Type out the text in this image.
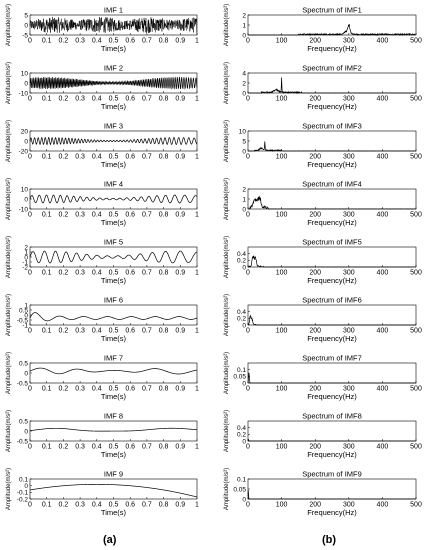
IMF 1
0 0.1 0.2 0.3 0.4 0.5 0.6 0.7 0.8 0.9 1
-5
0
5
Time(s)
Amplitude(m/s²)
IMF 2
0 0.1 0.2 0.3 0.4 0.5 0.6 0.7 0.8 0.9 1
-10
0
10
Time(s)
Amplitude(m/s²)
IMF 3
0 0.1 0.2 0.3 0.4 0.5 0.6 0.7 0.8 0.9 1
-20
0
20
Time(s)
Amplitude(m/s²)
IMF 4
0 0.1 0.2 0.3 0.4 0.5 0.6 0.7 0.8 0.9 1
-10
0
10
Time(s)
Amplitude(m/s²)
IMF 5
0 0.1 0.2 0.3 0.4 0.5 0.6 0.7 0.8 0.9 1
-2
-1
0
1
2
Time(s)
Amplitude(m/s²)
IMF 6
0 0.1 0.2 0.3 0.4 0.5 0.6 0.7 0.8 0.9 1
-1
-0.5
0
0.5
1
Time(s)
Amplitude(m/s²)
IMF 7
0 0.1 0.2 0.3 0.4 0.5 0.6 0.7 0.8 0.9 1
-0.5
0
0.5
Time(s)
Amplitude(m/s²)
IMF 8
0 0.1 0.2 0.3 0.4 0.5 0.6 0.7 0.8 0.9 1
-0.5
0
0.5
Time(s)
Amplitude(m/s²)
IMF 9
0 0.1 0.2 0.3 0.4 0.5 0.6 0.7 0.8 0.9 1
-0.2
-0.1
0
0.1
Time(s)
Amplitude(m/s²)
Spectrum of IMF1
0	100	200	300	400	500
0
1
2
Frequency(Hz)
Amplitude(m/s²)
Spectrum of IMF2
0	100	200	300	400	500
0
2
4
Frequency(Hz)
Amplitude(m/s²)
Spectrum of IMF3
0	100	200	300	400	500
0
5
10
Frequency(Hz)
Amplitude(m/s²)
Spectrum of IMF4
0	100	200	300	400	500
0
1
2
Frequency(Hz)
Amplitude(m/s²)
Spectrum of IMF5
0	100	200	300	400	500
0
0.2
0.4
Frequency(Hz)
Amplitude(m/s²)
Spectrum of IMF6
0	100	200	300	400	500
0
0.2
0.4
Frequency(Hz)
Amplitude(m/s²)
Spectrum of IMF7
0	100	200	300	400	500
0
0.05
0.1
Frequency(Hz)
Amplitude(m/s²)
Spectrum of IMF8
0	100	200	300	400	500
0
0.2
0.4
Frequency(Hz)
Amplitude(m/s²)
Spectrum of IMF9
0	100	200	300	400	500
0
0.05
0.1
Frequency(Hz)
Amplitude(m/s²)
(a)	(b)
